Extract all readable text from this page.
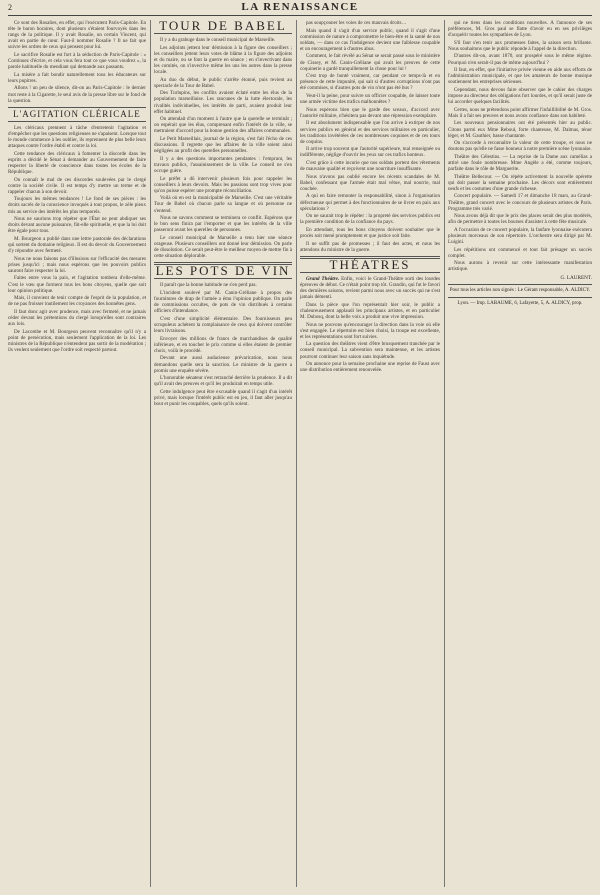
2	LA RENAISSANCE

Ce sont des Rosalies, en effet, qui l'exécutent Paris-Capitole. En tête le baron horaires, dont plusieurs s'étaient fourvoyés dans les rangs de la politique. Il y avait Rosalie, un certain Vincent, qui avait en partie de cœur. Faut-il nommer Rosalie ? Il ne fait que suivre les ordres de ceux qui pensent pour lui.

Le sacrifice Rosalie est fort à la séduction de Paris-Capitole : « Continuez d'écrire, et cela vous fera tout ce que vous voudrez », la parole habituelle du mendiant qui demande aux passants.

La misère a fait bondir naturellement tous les éducateurs sur leurs pupitres.

Allons ! un peu de silence, dit-on au Paris-Capitole : le dernier mot reste à la Cigarette, le seul avis de la presse libre sur le fond de la question.

L'AGITATION CLÉRICALE

Les cléricaux prennent à tâche d'entretenir l'agitation et d'empêcher que les questions religieuses ne s'apaisent. Lorsque tout le monde commence à les oublier, ils reprennent de plus belle leurs attaques contre l'ordre établi et contre la loi.

Cette tendance des cléricaux à fomenter la discorde dans les esprits a décidé le Sénat à demander au Gouvernement de faire respecter la liberté de conscience dans toutes les écoles de la République.

On connaît le mal de ces discordes soulevées par le clergé contre la société civile. Il est temps d'y mettre un terme et de rappeler chacun à son devoir.

Toujours les mêmes tendances ! Le fond de ses pièces : les droits sacrés de la conscience invoqués à tout propos, le zèle pieux mis au service des intérêts les plus temporels.

Nous ne saurions trop répéter que l'État ne peut abdiquer ses droits devant aucune puissance, fût-elle spirituelle, et que la loi doit être égale pour tous.

M. Bourgeon a publié dans une lettre pastorale des déclarations qui sortent du domaine religieux. Il est du devoir du Gouvernement d'y répondre avec fermeté.

Nous ne nous faisons pas d'illusions sur l'efficacité des mesures prises jusqu'ici ; mais nous espérons que les pouvoirs publics sauront faire respecter la loi.

Faites entre vous la paix, et l'agitation tombera d'elle-même. C'est le vœu que forment tous les bons citoyens, quelle que soit leur opinion politique.

Mais, il convient de tenir compte de l'esprit de la population, et de ne pas froisser inutilement les croyances des honnêtes gens.

Il faut donc agir avec prudence, mais avec fermeté, et ne jamais céder devant les prétentions du clergé lorsqu'elles sont contraires aux lois.

De Lacombe et M. Bourgeon peuvent reconnaître qu'il n'y a point de persécution, mais seulement l'application de la loi. Les ministres de la République n'entendent pas sortir de la modération ; ils veulent seulement que l'ordre soit respecté partout.

TOUR DE BABEL

Il y a du grabuge dans le conseil municipal de Marseille.

Les adjoints jettent leur démission à la figure des conseillers ; les conseillers jettent leurs votes de blâme à la figure des adjoints et du maire, ou se font la guerre en séance ; en s'invectivant dans les comités, on s'invective même les uns les autres dans la presse locale.

Au duo du début, le public s'arrête étonné, puis revient au spectacle de la Tour de Babel.

Des Turlupins, les conflits avaient éclaté entre les élus de la population marseillaise. Les rancunes de la lutte électorale, les rivalités individuelles, les intérêts de parti, avaient produit leur effet habituel.

On attendait d'un moment à l'autre que la querelle se terminât ; on espérait que les élus, comprenant enfin l'intérêt de la ville, se mettraient d'accord pour la bonne gestion des affaires communales.

Le Petit Marseillais, journal de la région, s'est fait l'écho de ces discussions. Il regrette que les affaires de la ville soient ainsi négligées au profit des querelles personnelles.

Il y a des questions importantes pendantes : l'emprunt, les travaux publics, l'assainissement de la ville. Le conseil ne s'en occupe guère.

Le préfet a dû intervenir plusieurs fois pour rappeler les conseillers à leurs devoirs. Mais les passions sont trop vives pour qu'on puisse espérer une prompte réconciliation.

Voilà où en est la municipalité de Marseille. C'est une véritable Tour de Babel où chacun parle sa langue et où personne ne s'entend.

Nous ne savons comment se terminera ce conflit. Espérons que le bon sens finira par l'emporter et que les intérêts de la ville passeront avant les querelles de personnes.

Le conseil municipal de Marseille a tenu hier une séance orageuse. Plusieurs conseillers ont donné leur démission. On parle de dissolution. Ce serait peut-être le meilleur moyen de mettre fin à cette situation déplorable.

LES POTS DE VIN

Il paraît que la bonne habitude ne s'en perd pas.

L'incident soulevé par M. Canin-Gréliane à propos des fournitures de drap de l'armée a ému l'opinion publique. On parle de commissions occultes, de pots de vin distribués à certains officiers d'intendance.

C'est d'une simplicité élémentaire. Des fournisseurs peu scrupuleux achètent la complaisance de ceux qui doivent contrôler leurs livraisons.

Envoyer des millions de francs de marchandises de qualité inférieure, et en toucher le prix comme si elles étaient de premier choix, voilà le procédé.

Devant une aussi audacieuse prévarication, nous nous demandons quelle sera la sanction. Le ministre de la guerre a promis une enquête sévère.

L'honorable sénateur s'est retranché derrière la prudence. Il a dit qu'il avait des preuves et qu'il les produirait en temps utile.

Cette indulgence peut être excusable quand il s'agit d'un intérêt privé, mais lorsque l'intérêt public est en jeu, il faut aller jusqu'au bout et punir les coupables, quels qu'ils soient.

pas soupçonner les voies de ces mauvais droits…

Mais quand il s'agit d'un service public, quand il s'agit d'une commission de nature à compromettre le bien-être et la santé de nos soldats, — dans ce cas l'indulgence devient une faiblesse coupable et un encouragement à d'autres abus.

Comment, le fait révélé au Sénat se serait passé sous le ministère de Cissey, et M. Canin-Gréliane qui avait les preuves de cette coquinerie a gardé tranquillement la chose pour lui !

C'est trop de bonté vraiment, car pendant ce temps-là et en présence de cette impunité, qui sait si d'autres corruptions n'ont pas été commises, si d'autres pots de vin n'ont pas été bus ?

Veut-il la peine, pour suivre un officier coupable, de laisser toute une armée victime des trafics malhonnêtes ?

Nous espérons bien que le garde des sceaux, d'accord avec l'autorité militaire, n'hésitera pas devant une répression exemplaire.

Il est absolument indispensable que l'on arrive à extirper de nos services publics en général et des services militaires en particulier, les traditions invétérées de ces nombreuses coquines et de ces tours de coquins.

Il arrive trop souvent que l'autorité supérieure, mal renseignée ou indifférente, néglige d'ouvrir les yeux sur ces trafics honteux.

C'est grâce à cette incurie que nos soldats portent des vêtements de mauvaise qualité et reçoivent une nourriture insuffisante.

Nous n'avons pas oublié encore les récents scandales de M. Babel, confessant que l'armée était mal vêtue, mal nourrie, mal couchée.

A qui en faire remonter la responsabilité, sinon à l'organisation défectueuse qui permet à des fonctionnaires de se livrer en paix aux spéculations ?

On ne saurait trop le répéter : la propreté des services publics est la première condition de la confiance du pays.

En attendant, tous les bons citoyens doivent souhaiter que le procès soit mené promptement et que justice soit faite.

Il ne suffit pas de promesses ; il faut des actes, et nous les attendons du ministre de la guerre.

THÉATRES

Grand Théâtre. Enfin, voici le Grand-Théâtre sorti des lourdes épreuves de début. Ce n'était point trop tôt. Grandin, qui fut le favori des dernières saisons, revient parmi nous avec un succès qui ne s'est jamais démenti.

Dans la pièce que l'on représentait hier soir, le public a chaleureusement applaudi les principaux artistes, et en particulier M. Dubosq, dont la belle voix a produit une vive impression.

Nous ne pouvons qu'encourager la direction dans la voie où elle s'est engagée. Le répertoire est bien choisi, la troupe est excellente, et les représentations sont fort suivies.

La question des théâtres vient d'être brusquement tranchée par le conseil municipal. La subvention sera maintenue, et les artistes pourront continuer leur saison sans inquiétude.

On annonce pour la semaine prochaine une reprise de Faust avec une distribution entièrement renouvelée.

qui ne tiens dans les conditions nouvelles. A l'annonce de ses préférences, M. Gros paul se flatte d'avoir eu en ses privilèges d'acquérir toutes les sympathies de Lyon.

S'il faut s'en tenir aux promesses faites, la saison sera brillante. Nous souhaitons que le public réponde à l'appel de la direction.

D'autres dit-on, avant 1870, ont prospéré sous le même régime. Pourquoi n'en serait-il pas de même aujourd'hui ?

Il faut, en effet, que l'initiative privée vienne en aide aux efforts de l'administration municipale, et que les amateurs de bonne musique soutiennent les entreprises sérieuses.

Cependant, nous devons faire observer que le cahier des charges impose au directeur des obligations fort lourdes, et qu'il serait juste de lui accorder quelques facilités.

Certes, nous ne prétendons point affirmer l'infaillibilité de M. Gros. Mais il a fait ses preuves et nous avons confiance dans son habileté.

Les nouveaux pensionnaires ont été présentés hier au public. Citons parmi eux Mme Reboul, forte chanteuse, M. Dalmas, ténor léger, et M. Gauthier, basse chantante.

On s'accorde à reconnaître la valeur de cette troupe, et nous ne doutons pas qu'elle ne fasse honneur à notre première scène lyonnaise.

Théâtre des Célestins. — La reprise de la Dame aux camélias a attiré une foule nombreuse. Mme Angèle a été, comme toujours, parfaite dans le rôle de Marguerite.

Théâtre Bellecour. — On répète activement la nouvelle opérette qui doit passer la semaine prochaine. Les décors sont entièrement neufs et les costumes d'une grande richesse.

Concert populaire. — Samedi 17 et dimanche 18 mars, au Grand-Théâtre, grand concert avec le concours de plusieurs artistes de Paris. Programme très varié.

Nous avons déjà dit que le prix des places serait des plus modérés, afin de permettre à toutes les bourses d'assister à cette fête musicale.

A l'occasion de ce concert populaire, la fanfare lyonnaise exécutera plusieurs morceaux de son répertoire. L'orchestre sera dirigé par M. Luigini.

Les répétitions ont commencé et tout fait présager un succès complet.

Nous aurons à revenir sur cette intéressante manifestation artistique.

G. LAURENT.
Pour tous les articles non signés : Le Gérant responsable, A. ALDICY.
Lyon. — Imp. LABAUME, 6, Lafayette, 5, A. ALDICY, prop.
